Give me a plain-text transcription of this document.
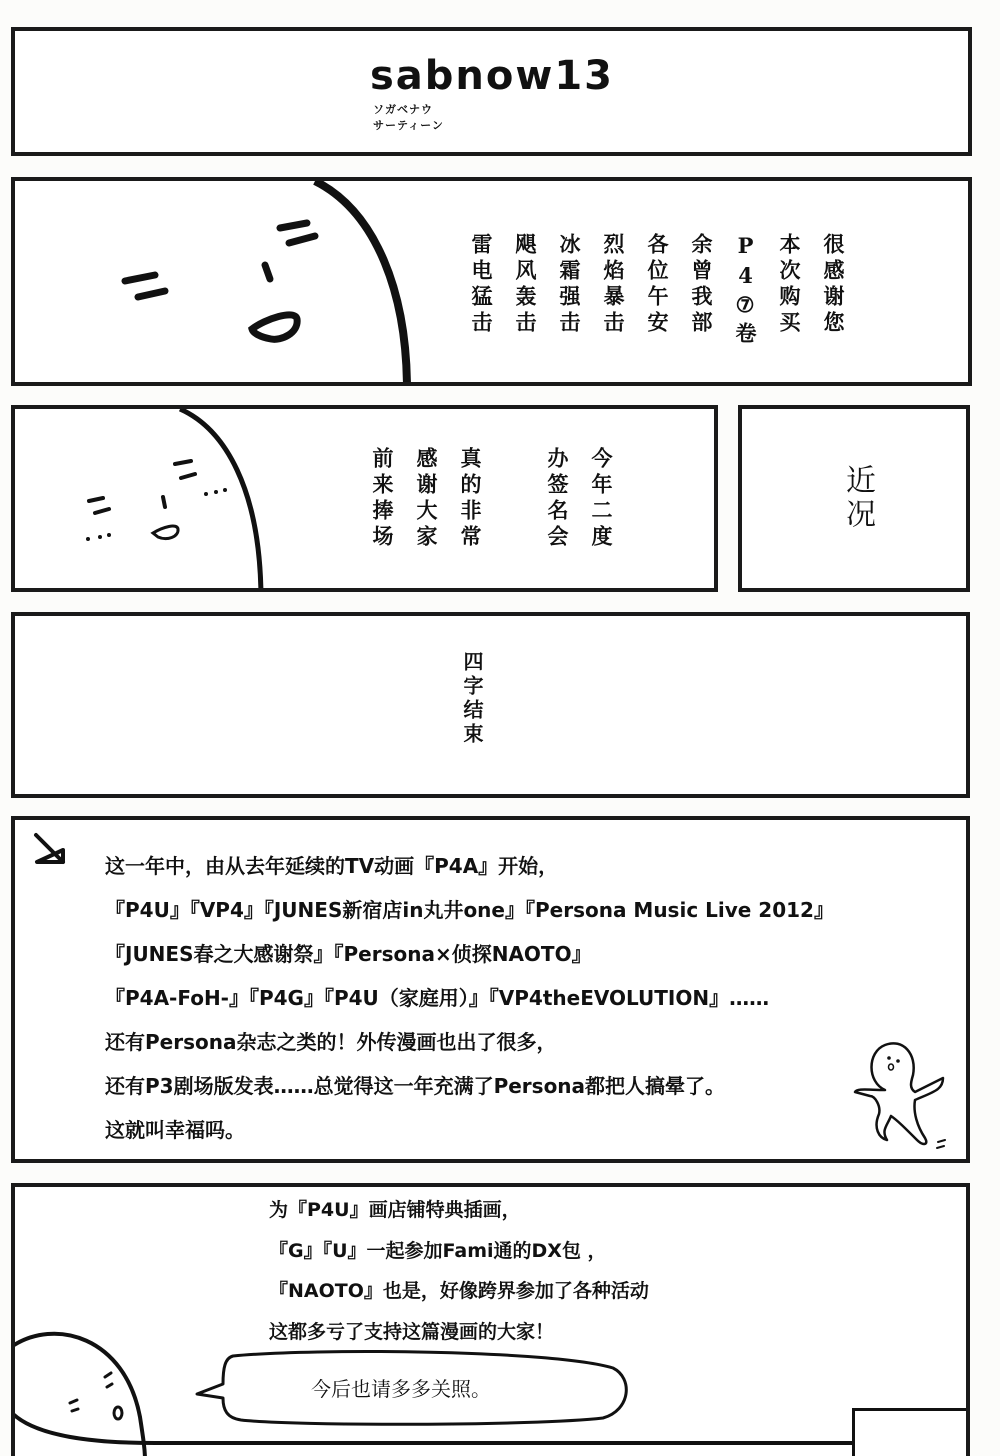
sabnow13
ソガベナウ
サーティーン
很感谢您
本次购买
P4⑦卷
余曾我部
各位午安
烈焰暴击
冰霜强击
飓风轰击
雷电猛击
今年二度
办签名会
真的非常
感谢大家
前来捧场	近况
四字结束
这一年中，由从去年延续的TV动画『P4A』开始，
『P4U』『VP4』『JUNES新宿店in丸井one』『Persona Music Live 2012』
『JUNES春之大感谢祭』『Persona×侦探NAOTO』
『P4A-FoH-』『P4G』『P4U（家庭用）』『VP4theEVOLUTION』……
还有Persona杂志之类的！外传漫画也出了很多，
还有P3剧场版发表……总觉得这一年充满了Persona都把人搞晕了。
这就叫幸福吗。
为『P4U』画店铺特典插画，
『G』『U』一起参加Fami通的DX包 ，
『NAOTO』也是，好像跨界参加了各种活动
这都多亏了支持这篇漫画的大家！
今后也请多多关照。
